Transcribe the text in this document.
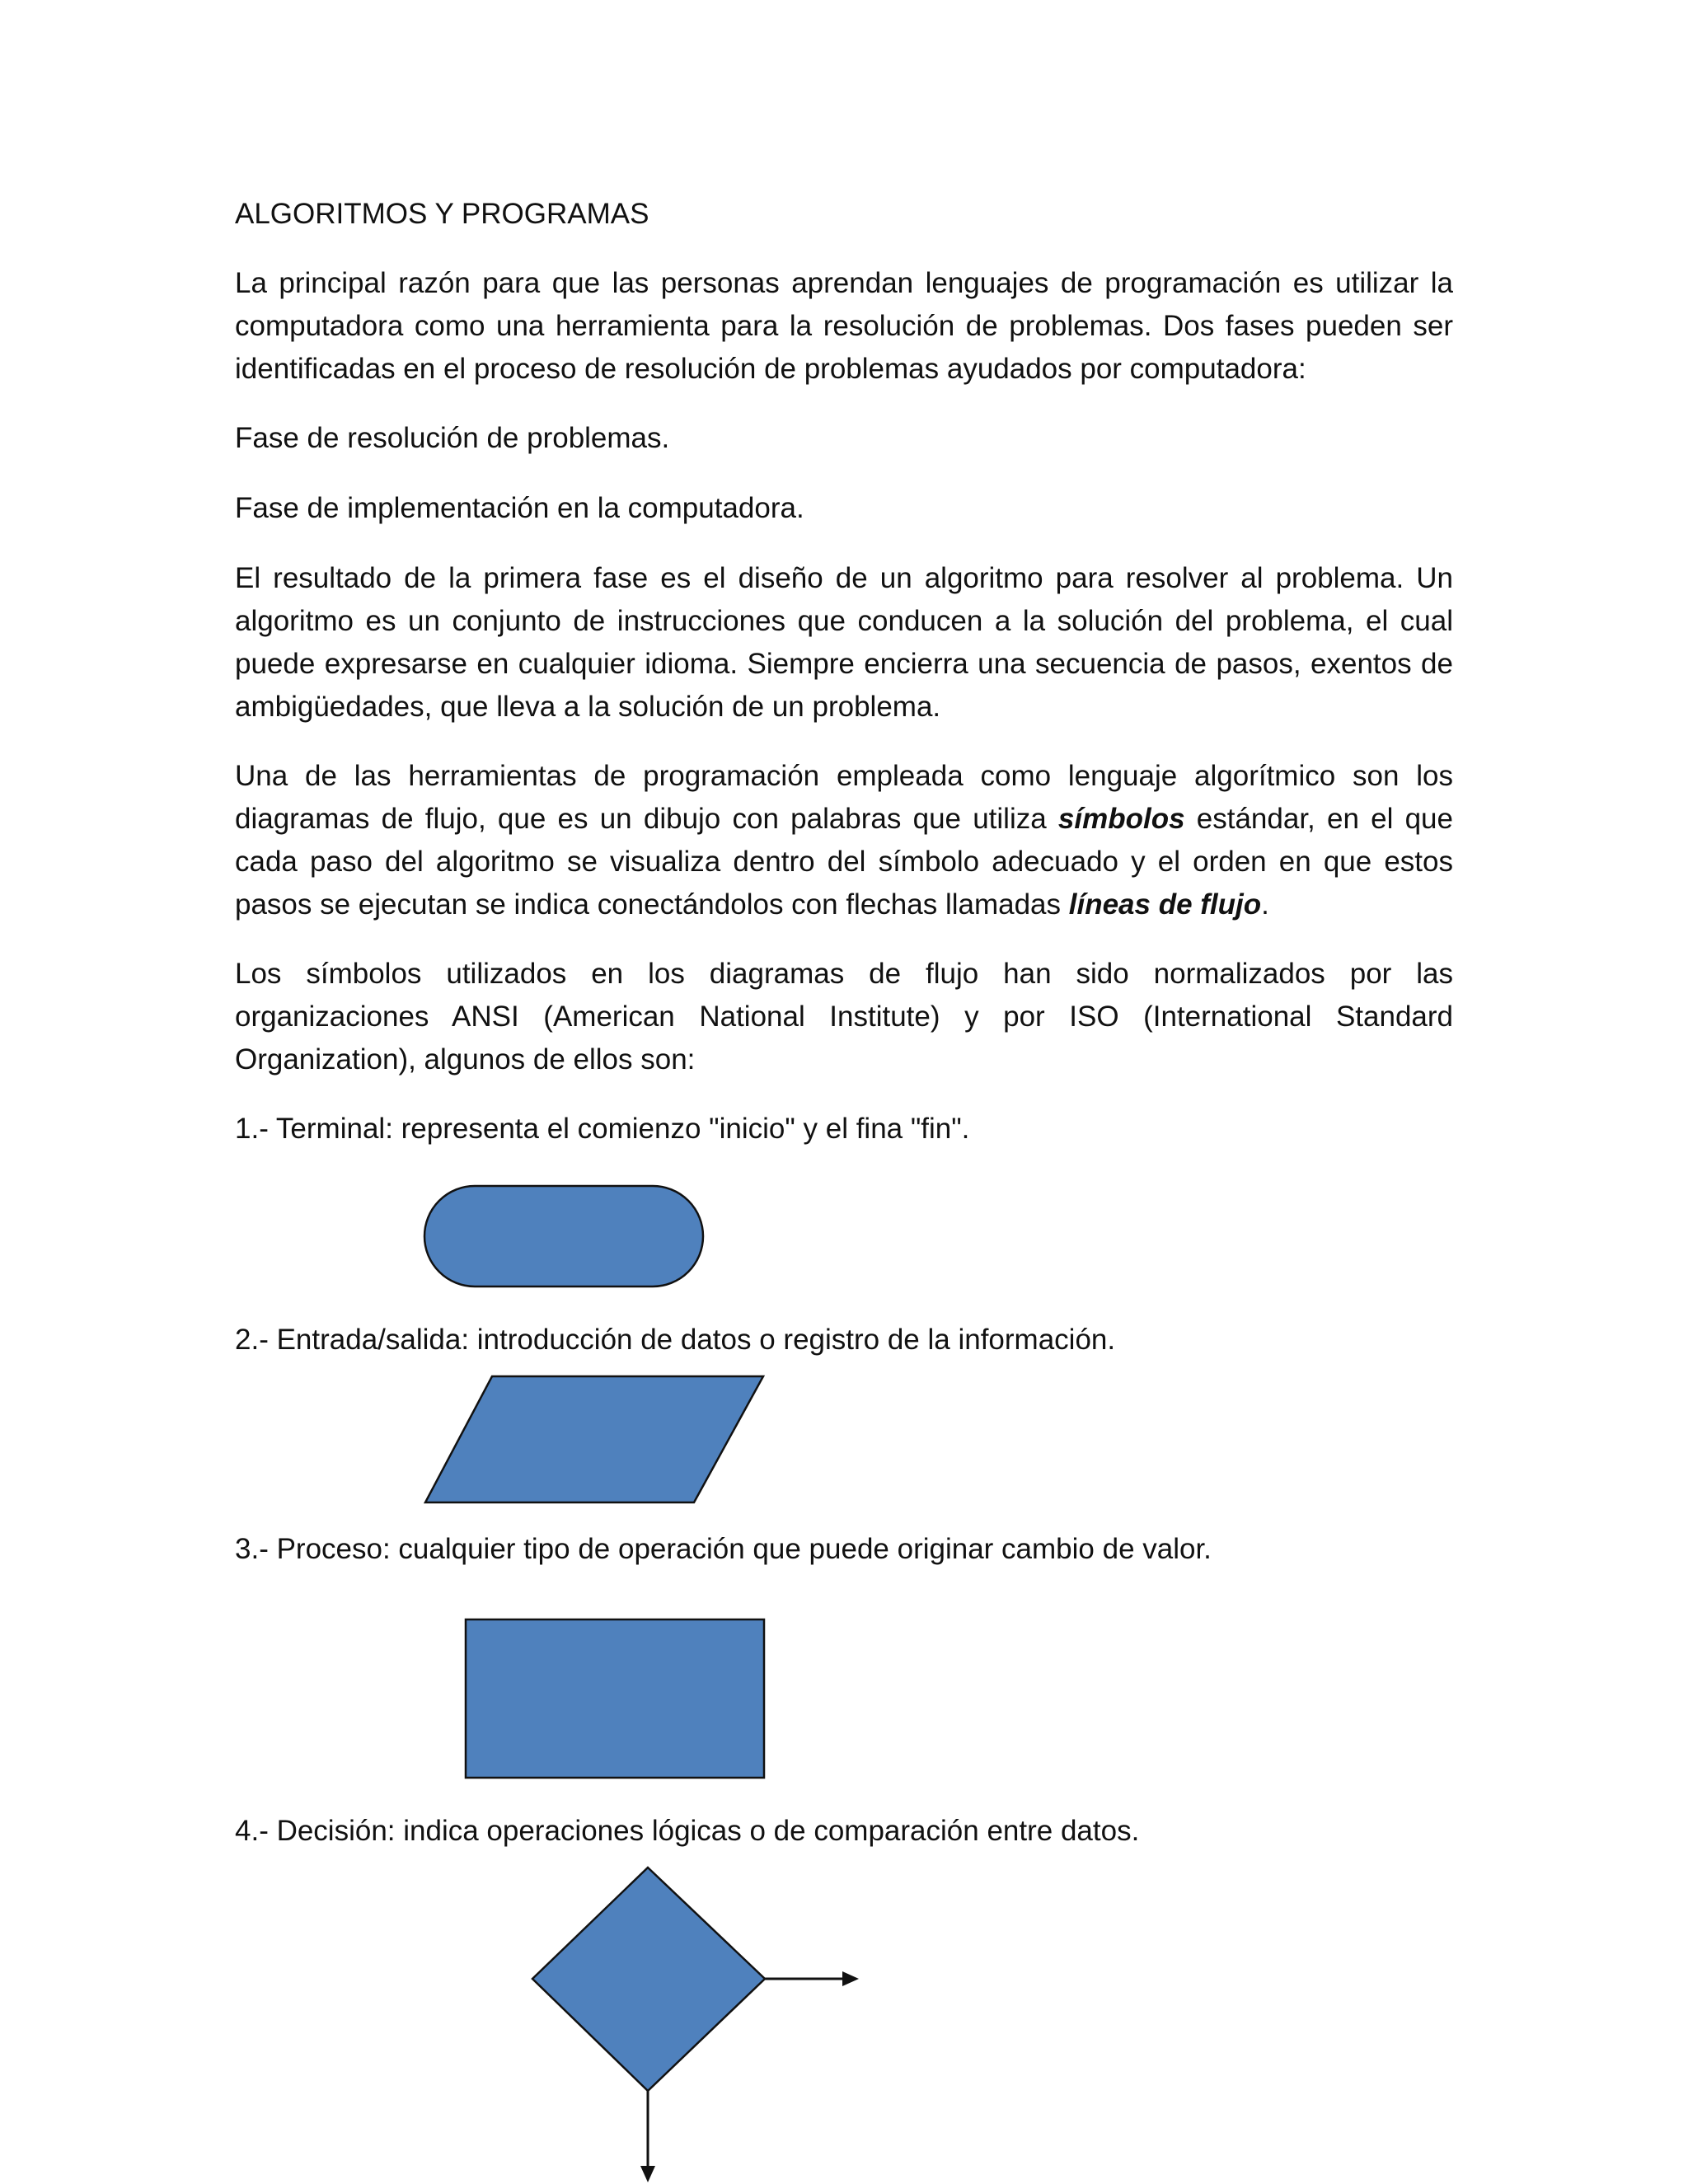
ALGORITMOS Y PROGRAMAS

La principal razón para que las personas aprendan lenguajes de programación es utilizar la computadora como una herramienta para la resolución de problemas. Dos fases pueden ser identificadas en el proceso de resolución de problemas ayudados por computadora:

Fase de resolución de problemas.

Fase de implementación en la computadora.

El resultado de la primera fase es el diseño de un algoritmo para resolver al problema. Un algoritmo es un conjunto de instrucciones que conducen a la solución del problema, el cual puede expresarse en cualquier idioma. Siempre encierra una secuencia de pasos, exentos de ambigüedades, que lleva a la solución de un problema.

Una de las herramientas de programación empleada como lenguaje algorítmico son los diagramas de flujo, que es un dibujo con palabras que utiliza símbolos estándar, en el que cada paso del algoritmo se visualiza dentro del símbolo adecuado y el orden en que estos pasos se ejecutan se indica conectándolos con flechas llamadas líneas de flujo.

Los símbolos utilizados en los diagramas de flujo han sido normalizados por las organizaciones ANSI (American National Institute) y por ISO (International Standard Organization), algunos de ellos son:

1.- Terminal: representa el comienzo "inicio" y el fina "fin".

2.- Entrada/salida: introducción de datos o registro de la información.

3.- Proceso: cualquier tipo de operación que puede originar cambio de valor.

4.- Decisión: indica operaciones lógicas o de comparación entre datos.
